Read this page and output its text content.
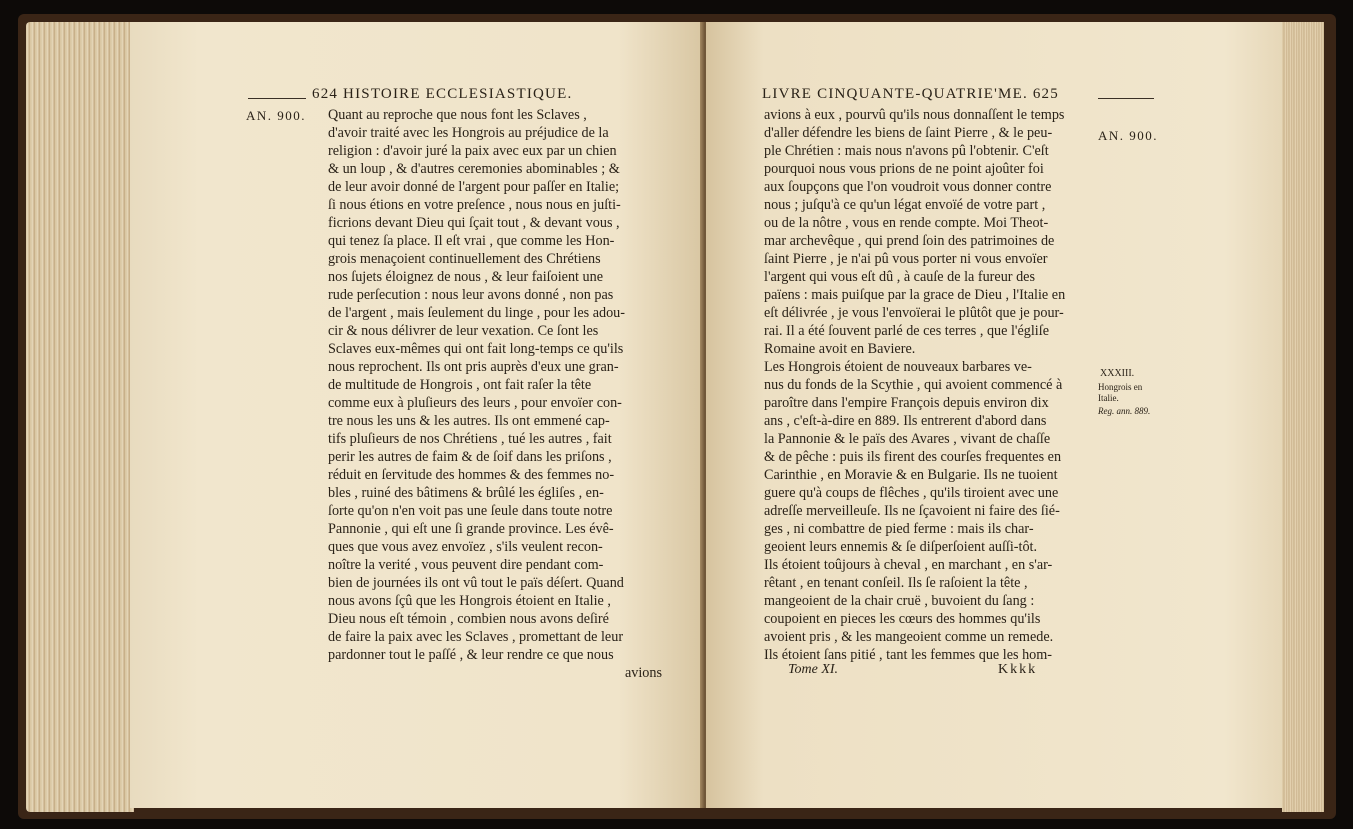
624 HISTOIRE ECCLESIASTIQUE.
AN. 900. Quant au reproche que nous font les Sclaves ,
d'avoir traité avec les Hongrois au préjudice de la
religion : d'avoir juré la paix avec eux par un chien
& un loup , & d'autres ceremonies abominables ; &
de leur avoir donné de l'argent pour paſſer en Italie;
ſi nous étions en votre preſence , nous nous en juſti-
ficrions devant Dieu qui ſçait tout , & devant vous ,
qui tenez ſa place. Il eſt vrai , que comme les Hon-
grois menaçoient continuellement des Chrétiens
nos ſujets éloignez de nous , & leur faiſoient une
rude perſecution : nous leur avons donné , non pas
de l'argent , mais ſeulement du linge , pour les adou-
cir & nous délivrer de leur vexation. Ce ſont les
Sclaves eux-mêmes qui ont fait long-temps ce qu'ils
nous reprochent. Ils ont pris auprès d'eux une gran-
de multitude de Hongrois , ont fait raſer la tête
comme eux à pluſieurs des leurs , pour envoïer con-
tre nous les uns & les autres. Ils ont emmené cap-
tifs pluſieurs de nos Chrétiens , tué les autres , fait
perir les autres de faim & de ſoif dans les priſons ,
réduit en ſervitude des hommes & des femmes no-
bles , ruiné des bâtimens & brûlé les égliſes , en-
ſorte qu'on n'en voit pas une ſeule dans toute notre
Pannonie , qui eſt une ſi grande province. Les évê-
ques que vous avez envoïez , s'ils veulent recon-
noître la verité , vous peuvent dire pendant com-
bien de journées ils ont vû tout le païs déſert. Quand
nous avons ſçû que les Hongrois étoient en Italie ,
Dieu nous eſt témoin , combien nous avons deſiré
de faire la paix avec les Sclaves , promettant de leur
pardonner tout le paſſé , & leur rendre ce que nous
avions
LIVRE CINQUANTE-QUATRIE'ME. 625
AN. 900.
avions à eux , pourvû qu'ils nous donnaſſent le temps
d'aller défendre les biens de ſaint Pierre , & le peu-
ple Chrétien : mais nous n'avons pû l'obtenir. C'eſt
pourquoi nous vous prions de ne point ajoûter foi
aux ſoupçons que l'on voudroit vous donner contre
nous ; juſqu'à ce qu'un légat envoïé de votre part ,
ou de la nôtre , vous en rende compte. Moi Theot-
mar archevêque , qui prend ſoin des patrimoines de
ſaint Pierre , je n'ai pû vous porter ni vous envoïer
l'argent qui vous eſt dû , à cauſe de la fureur des
païens : mais puiſque par la grace de Dieu , l'Italie en
eſt délivrée , je vous l'envoïerai le plûtôt que je pour-
rai. Il a été ſouvent parlé de ces terres , que l'égliſe
Romaine avoit en Baviere.
Les Hongrois étoient de nouveaux barbares ve-
nus du fonds de la Scythie , qui avoient commencé à
paroître dans l'empire François depuis environ dix
ans , c'eſt-à-dire en 889. Ils entrerent d'abord dans
la Pannonie & le païs des Avares , vivant de chaſſe
& de pêche : puis ils firent des courſes frequentes en
Carinthie , en Moravie & en Bulgarie. Ils ne tuoient
guere qu'à coups de flêches , qu'ils tiroient avec une
adreſſe merveilleuſe. Ils ne ſçavoient ni faire des ſié-
ges , ni combattre de pied ferme : mais ils char-
geoient leurs ennemis & ſe diſperſoient auſſi-tôt.
Ils étoient toûjours à cheval , en marchant , en s'ar-
rêtant , en tenant conſeil. Ils ſe raſoient la tête ,
mangeoient de la chair cruë , buvoient du ſang :
coupoient en pieces les cœurs des hommes qu'ils
avoient pris , & les mangeoient comme un remede.
Ils étoient ſans pitié , tant les femmes que les hom-
XXXIII.
Hongrois en Italie.
Reg. ann. 889.
Tome XI.	Kkkk
